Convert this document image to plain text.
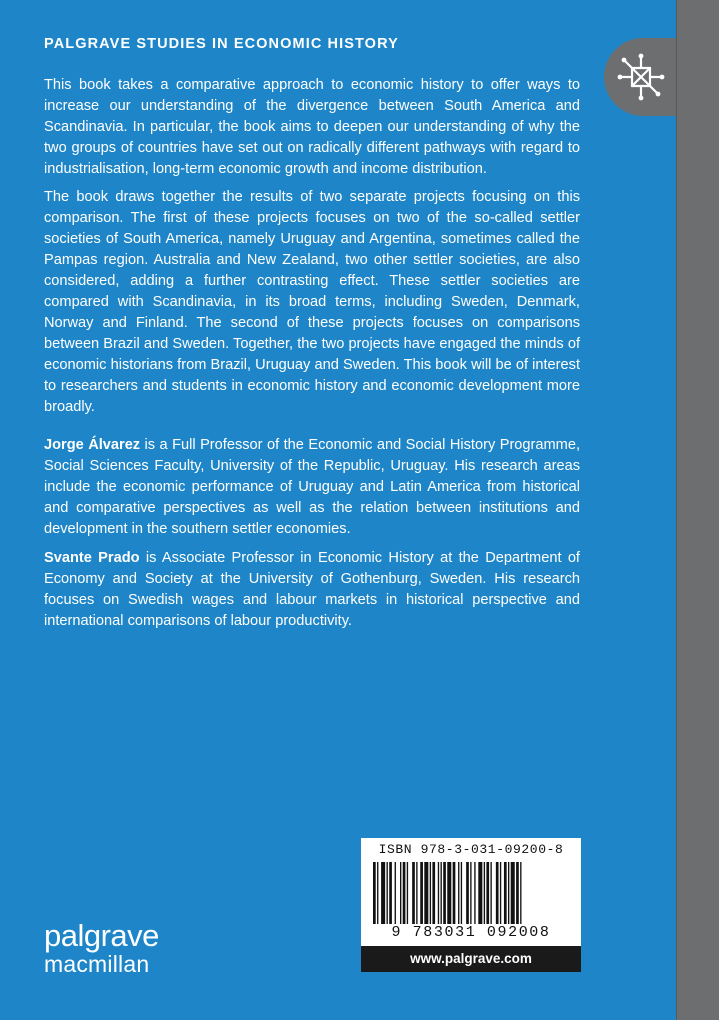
PALGRAVE STUDIES IN ECONOMIC HISTORY

This book takes a comparative approach to economic history to offer ways to increase our understanding of the divergence between South America and Scandinavia. In particular, the book aims to deepen our understanding of why the two groups of countries have set out on radically different pathways with regard to industrialisation, long-term economic growth and income distribution.

The book draws together the results of two separate projects focusing on this comparison. The first of these projects focuses on two of the so-called settler societies of South America, namely Uruguay and Argentina, sometimes called the Pampas region. Australia and New Zealand, two other settler societies, are also considered, adding a further contrasting effect. These settler societies are compared with Scandinavia, in its broad terms, including Sweden, Denmark, Norway and Finland. The second of these projects focuses on comparisons between Brazil and Sweden. Together, the two projects have engaged the minds of economic historians from Brazil, Uruguay and Sweden. This book will be of interest to researchers and students in economic history and economic development more broadly.

Jorge Álvarez is a Full Professor of the Economic and Social History Programme, Social Sciences Faculty, University of the Republic, Uruguay. His research areas include the economic performance of Uruguay and Latin America from historical and comparative perspectives as well as the relation between institutions and development in the southern settler economies.

Svante Prado is Associate Professor in Economic History at the Department of Economy and Society at the University of Gothenburg, Sweden. His research focuses on Swedish wages and labour markets in historical perspective and international comparisons of labour productivity.

ISBN 978-3-031-09200-8
9 783031 092008
www.palgrave.com
palgrave
macmillan
